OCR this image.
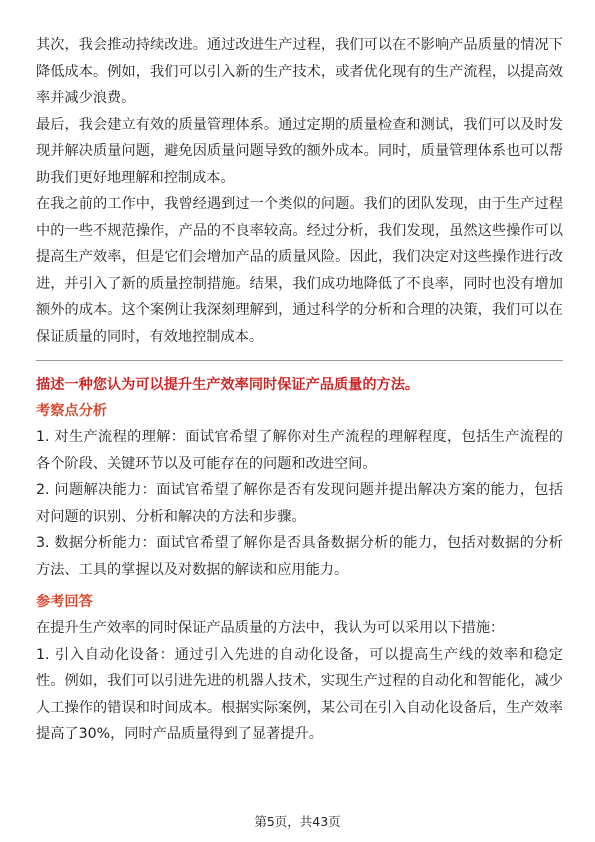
其次，我会推动持续改进。通过改进生产过程，我们可以在不影响产品质量的情况下降低成本。例如，我们可以引入新的生产技术，或者优化现有的生产流程，以提高效率并减少浪费。

最后，我会建立有效的质量管理体系。通过定期的质量检查和测试，我们可以及时发现并解决质量问题，避免因质量问题导致的额外成本。同时，质量管理体系也可以帮助我们更好地理解和控制成本。

在我之前的工作中，我曾经遇到过一个类似的问题。我们的团队发现，由于生产过程中的一些不规范操作，产品的不良率较高。经过分析，我们发现，虽然这些操作可以提高生产效率，但是它们会增加产品的质量风险。因此，我们决定对这些操作进行改进，并引入了新的质量控制措施。结果，我们成功地降低了不良率，同时也没有增加额外的成本。这个案例让我深刻理解到，通过科学的分析和合理的决策，我们可以在保证质量的同时，有效地控制成本。

描述一种您认为可以提升生产效率同时保证产品质量的方法。

考察点分析

1. 对生产流程的理解：面试官希望了解你对生产流程的理解程度，包括生产流程的各个阶段、关键环节以及可能存在的问题和改进空间。

2. 问题解决能力：面试官希望了解你是否有发现问题并提出解决方案的能力，包括对问题的识别、分析和解决的方法和步骤。

3. 数据分析能力：面试官希望了解你是否具备数据分析的能力，包括对数据的分析方法、工具的掌握以及对数据的解读和应用能力。

参考回答

在提升生产效率的同时保证产品质量的方法中，我认为可以采用以下措施：

1. 引入自动化设备：通过引入先进的自动化设备，可以提高生产线的效率和稳定性。例如，我们可以引进先进的机器人技术，实现生产过程的自动化和智能化，减少人工操作的错误和时间成本。根据实际案例，某公司在引入自动化设备后，生产效率提高了30%，同时产品质量得到了显著提升。

第5页，共43页
